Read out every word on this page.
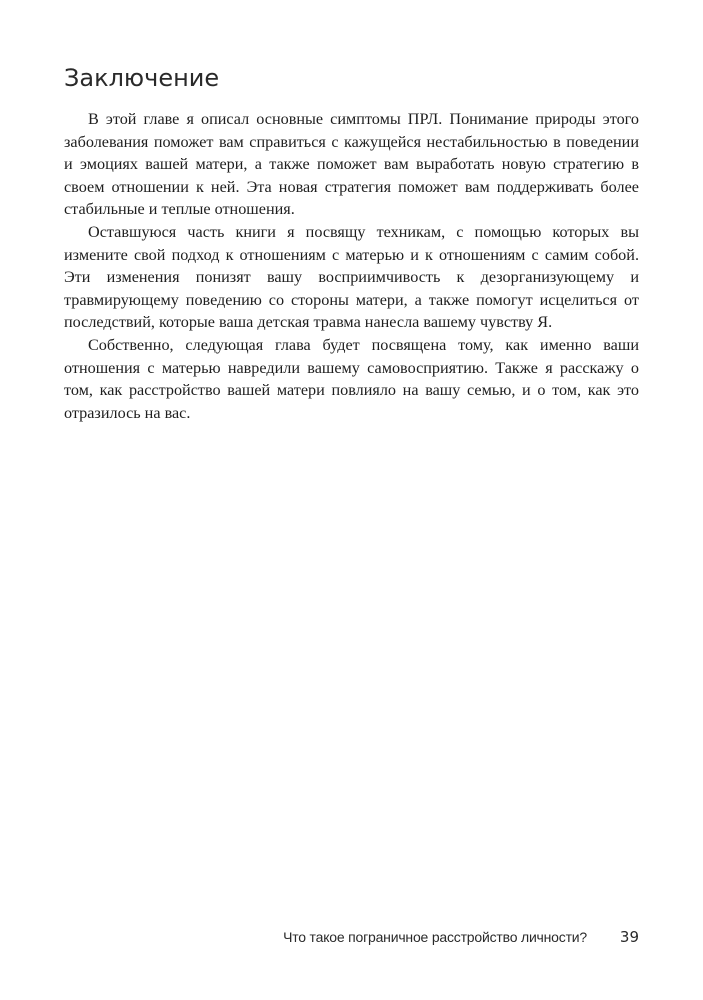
Заключение

В этой главе я описал основные симптомы ПРЛ. Понимание природы этого заболевания поможет вам справиться с кажущейся нестабильностью в поведении и эмоциях вашей матери, а также поможет вам выработать новую стратегию в своем отношении к ней. Эта новая стратегия поможет вам поддерживать более стабильные и теплые отношения.

Оставшуюся часть книги я посвящу техникам, с помощью которых вы измените свой подход к отношениям с матерью и к отношениям с самим собой. Эти изменения понизят вашу восприимчивость к дезорганизующему и травмирующему поведению со стороны матери, а также помогут исцелиться от последствий, которые ваша детская травма нанесла вашему чувству Я.

Собственно, следующая глава будет посвящена тому, как именно ваши отношения с матерью навредили вашему самовосприятию. Также я расскажу о том, как расстройство вашей матери повлияло на вашу семью, и о том, как это отразилось на вас.

Что такое пограничное расстройство личности? 39
